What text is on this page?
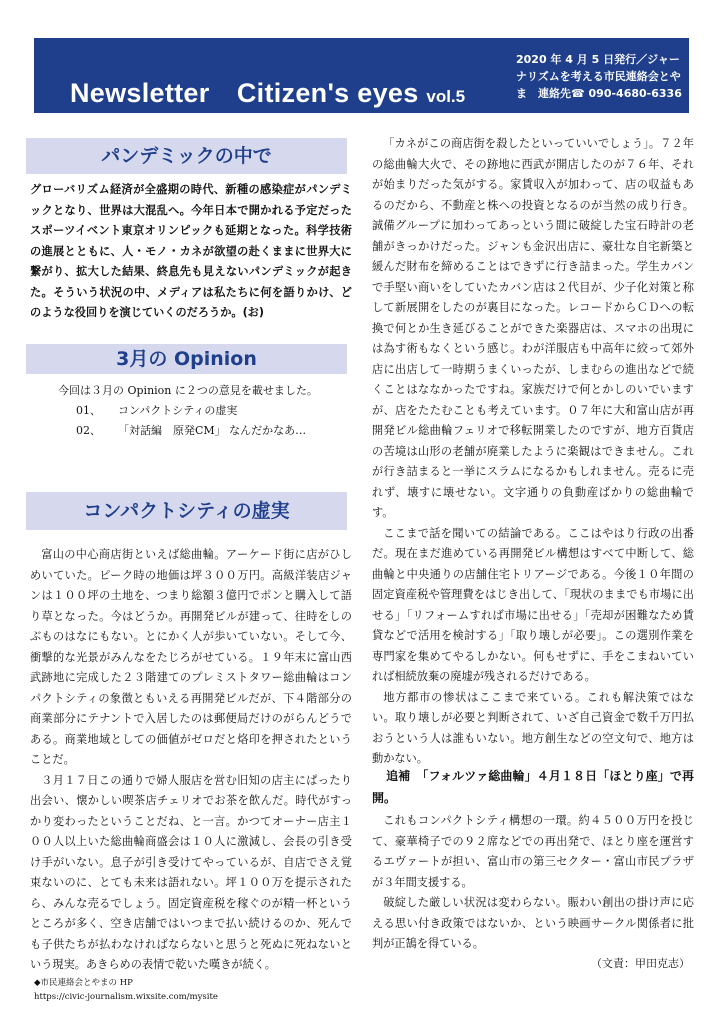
Newsletter　Citizen's eyes vol.5
2020 年 4 月 5 日発行／ジャーナリズムを考える市民連絡会とやま　連絡先☎ 090-4680-6336
パンデミックの中で
グローバリズム経済が全盛期の時代、新種の感染症がパンデミックとなり、世界は大混乱へ。今年日本で開かれる予定だったスポーツイベント東京オリンピックも延期となった。科学技術の進展とともに、人・モノ・カネが欲望の赴くままに世界大に繋がり、拡大した結果、終息先も見えないパンデミックが起きた。そういう状況の中、メディアは私たちに何を語りかけ、どのような役回りを演じていくのだろうか。(お)
3月の Opinion
今回は３月の Opinion に２つの意見を載せました。
01、 コンパクトシティの虚実
02、 「対話編　原発CM」 なんだかなあ…
コンパクトシティの虚実

富山の中心商店街といえば総曲輪。アーケード街に店がひしめいていた。ピーク時の地価は坪３００万円。高級洋装店ジャンは１００坪の土地を、つまり総額３億円でポンと購入して語り草となった。今はどうか。再開発ビルが建って、往時をしのぶものはなにもない。とにかく人が歩いていない。そして今、衝撃的な光景がみんなをたじろがせている。１９年末に富山西武跡地に完成した２３階建てのプレミストタワー総曲輪はコンパクトシティの象徴ともいえる再開発ビルだが、下４階部分の商業部分にテナントで入居したのは郵便局だけのがらんどうである。商業地域としての価値がゼロだと烙印を押されたということだ。

３月１７日この通りで婦人服店を営む旧知の店主にぱったり出会い、懐かしい喫茶店チェリオでお茶を飲んだ。時代がすっかり変わったということだね、と一言。かつてオーナー店主１００人以上いた総曲輪商盛会は１０人に激減し、会長の引き受け手がいない。息子が引き受けてやっているが、自店でさえ覚束ないのに、とても未来は語れない。坪１００万を提示されたら、みんな売るでしょう。固定資産税を稼ぐのが精一杯というところが多く、空き店舗ではいつまで払い続けるのか、死んでも子供たちが払わなければならないと思うと死ぬに死ねないという現実。あきらめの表情で乾いた嘆きが続く。

「カネがこの商店街を殺したといっていいでしょう」。７２年の総曲輪大火で、その跡地に西武が開店したのが７６年、それが始まりだった気がする。家賃収入が加わって、店の収益もあるのだから、不動産と株への投資となるのが当然の成り行き。誠備グループに加わってあっという間に破綻した宝石時計の老舗がきっかけだった。ジャンも金沢出店に、豪壮な自宅新築と緩んだ財布を締めることはできずに行き詰まった。学生カバンで手堅い商いをしていたカバン店は２代目が、少子化対策と称して新展開をしたのが裏目になった。レコードからＣＤへの転換で何とか生き延びることができた楽器店は、スマホの出現には為す術もなくという感じ。わが洋服店も中高年に絞って郊外店に出店して一時期うまくいったが、しまむらの進出などで続くことはななかったですね。家族だけで何とかしのいでいますが、店をたたむことも考えています。０７年に大和富山店が再開発ビル総曲輪フェリオで移転開業したのですが、地方百貨店の苦境は山形の老舗が廃業したように楽観はできません。これが行き詰まると一挙にスラムになるかもしれません。売るに売れず、壊すに壊せない。文字通りの負動産ばかりの総曲輪です。

ここまで話を聞いての結論である。ここはやはり行政の出番だ。現在まだ進めている再開発ビル構想はすべて中断して、総曲輪と中央通りの店舗住宅トリアージである。今後１０年間の固定資産税や管理費をはじき出して、「現状のままでも市場に出せる」「リフォームすれば市場に出せる」「売却が困難なため賃貸などで活用を検討する」「取り壊しが必要」。この選別作業を専門家を集めてやるしかない。何もせずに、手をこまねいていれば相続放棄の廃墟が残されるだけである。

地方都市の惨状はここまで来ている。これも解決策ではない。取り壊しが必要と判断されて、いざ自己資金で数千万円払おうという人は誰もいない。地方創生などの空文句で、地方は動かない。

追補　「フォルツァ総曲輪」４月１８日「ほとり座」で再開。

これもコンパクトシティ構想の一環。約４５００万円を投じて、豪華椅子での９２席などでの再出発で、ほとり座を運営するエヴァートが担い、富山市の第三セクター・富山市民プラザが３年間支援する。

破綻した厳しい状況は変わらない。賑わい創出の掛け声に応える思い付き政策ではないか、という映画サークル関係者に批判が正鵠を得ている。

（文責：甲田克志）
◆市民連絡会とやまの HP
https://civic-journalism.wixsite.com/mysite
